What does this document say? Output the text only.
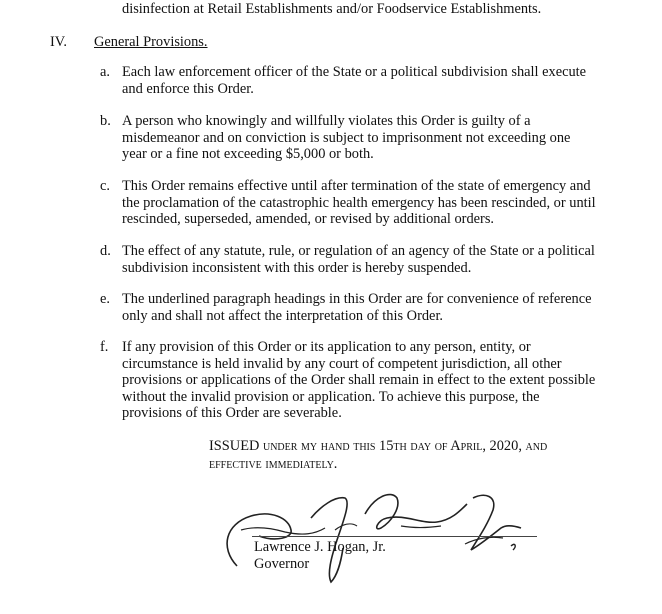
disinfection at Retail Establishments and/or Foodservice Establishments.
IV. General Provisions.
a. Each law enforcement officer of the State or a political subdivision shall execute
and enforce this Order.
b. A person who knowingly and willfully violates this Order is guilty of a
misdemeanor and on conviction is subject to imprisonment not exceeding one
year or a fine not exceeding $5,000 or both.
c. This Order remains effective until after termination of the state of emergency and
the proclamation of the catastrophic health emergency has been rescinded, or until
rescinded, superseded, amended, or revised by additional orders.
d. The effect of any statute, rule, or regulation of an agency of the State or a political
subdivision inconsistent with this order is hereby suspended.
e. The underlined paragraph headings in this Order are for convenience of reference
only and shall not affect the interpretation of this Order.
f. If any provision of this Order or its application to any person, entity, or
circumstance is held invalid by any court of competent jurisdiction, all other
provisions or applications of the Order shall remain in effect to the extent possible
without the invalid provision or application. To achieve this purpose, the
provisions of this Order are severable.
ISSUED under my hand this 15th day of April, 2020, and
effective immediately.
Lawrence J. Hogan, Jr.
Governor
